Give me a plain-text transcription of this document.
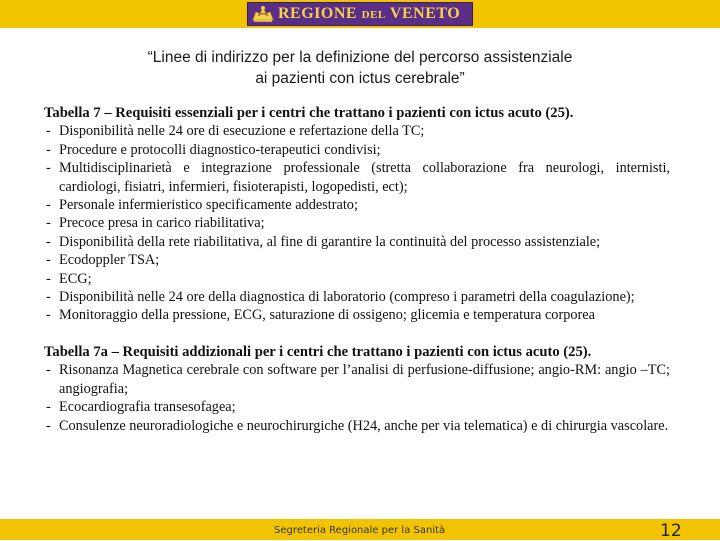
REGIONE DEL VENETO
“Linee di indirizzo per la definizione del percorso assistenziale
ai pazienti con ictus cerebrale”
Tabella 7 – Requisiti essenziali per i centri che trattano i pazienti con ictus acuto (25).
- Disponibilità nelle 24 ore di esecuzione e refertazione della TC;
- Procedure e protocolli diagnostico-terapeutici condivisi;
- Multidisciplinarietà e integrazione professionale (stretta collaborazione fra neurologi, internisti, cardiologi, fisiatri, infermieri, fisioterapisti, logopedisti, ect);
- Personale infermieristico specificamente addestrato;
- Precoce presa in carico riabilitativa;
- Disponibilità della rete riabilitativa, al fine di garantire la continuità del processo assistenziale;
- Ecodoppler TSA;
- ECG;
- Disponibilità nelle 24 ore della diagnostica di laboratorio (compreso i parametri della coagulazione);
- Monitoraggio della pressione, ECG, saturazione di ossigeno; glicemia e temperatura corporea
Tabella 7a – Requisiti addizionali per i centri che trattano i pazienti con ictus acuto (25).
- Risonanza Magnetica cerebrale con software per l’analisi di perfusione-diffusione; angio-RM: angio –TC; angiografia;
- Ecocardiografia transesofagea;
- Consulenze neuroradiologiche e neurochirurgiche (H24, anche per via telematica) e di chirurgia vascolare.
Segreteria Regionale per la Sanità	12
